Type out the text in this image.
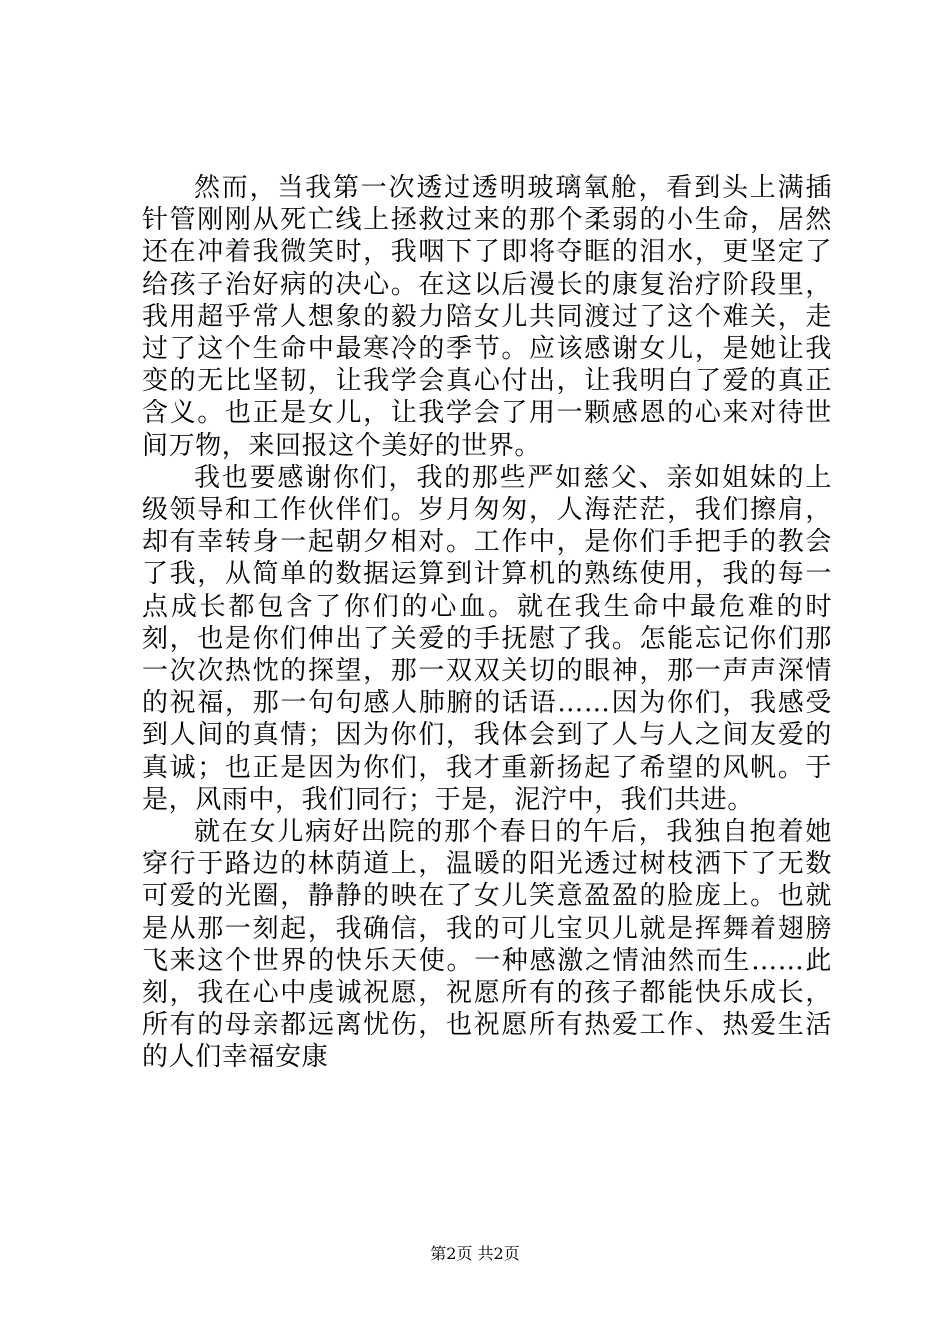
然而，当我第一次透过透明玻璃氧舱，看到头上满插针管刚刚从死亡线上拯救过来的那个柔弱的小生命，居然还在冲着我微笑时，我咽下了即将夺眶的泪水，更坚定了给孩子治好病的决心。在这以后漫长的康复治疗阶段里，我用超乎常人想象的毅力陪女儿共同渡过了这个难关，走过了这个生命中最寒冷的季节。应该感谢女儿，是她让我变的无比坚韧，让我学会真心付出，让我明白了爱的真正含义。也正是女儿，让我学会了用一颗感恩的心来对待世间万物，来回报这个美好的世界。

我也要感谢你们，我的那些严如慈父、亲如姐妹的上级领导和工作伙伴们。岁月匆匆，人海茫茫，我们擦肩，却有幸转身一起朝夕相对。工作中，是你们手把手的教会了我，从简单的数据运算到计算机的熟练使用，我的每一点成长都包含了你们的心血。就在我生命中最危难的时刻，也是你们伸出了关爱的手抚慰了我。怎能忘记你们那一次次热忱的探望，那一双双关切的眼神，那一声声深情的祝福，那一句句感人肺腑的话语……因为你们，我感受到人间的真情；因为你们，我体会到了人与人之间友爱的真诚；也正是因为你们，我才重新扬起了希望的风帆。于是，风雨中，我们同行；于是，泥泞中，我们共进。

就在女儿病好出院的那个春日的午后，我独自抱着她穿行于路边的林荫道上，温暖的阳光透过树枝洒下了无数可爱的光圈，静静的映在了女儿笑意盈盈的脸庞上。也就是从那一刻起，我确信，我的可儿宝贝儿就是挥舞着翅膀飞来这个世界的快乐天使。一种感激之情油然而生……此刻，我在心中虔诚祝愿，祝愿所有的孩子都能快乐成长，所有的母亲都远离忧伤，也祝愿所有热爱工作、热爱生活的人们幸福安康

第2页 共2页
